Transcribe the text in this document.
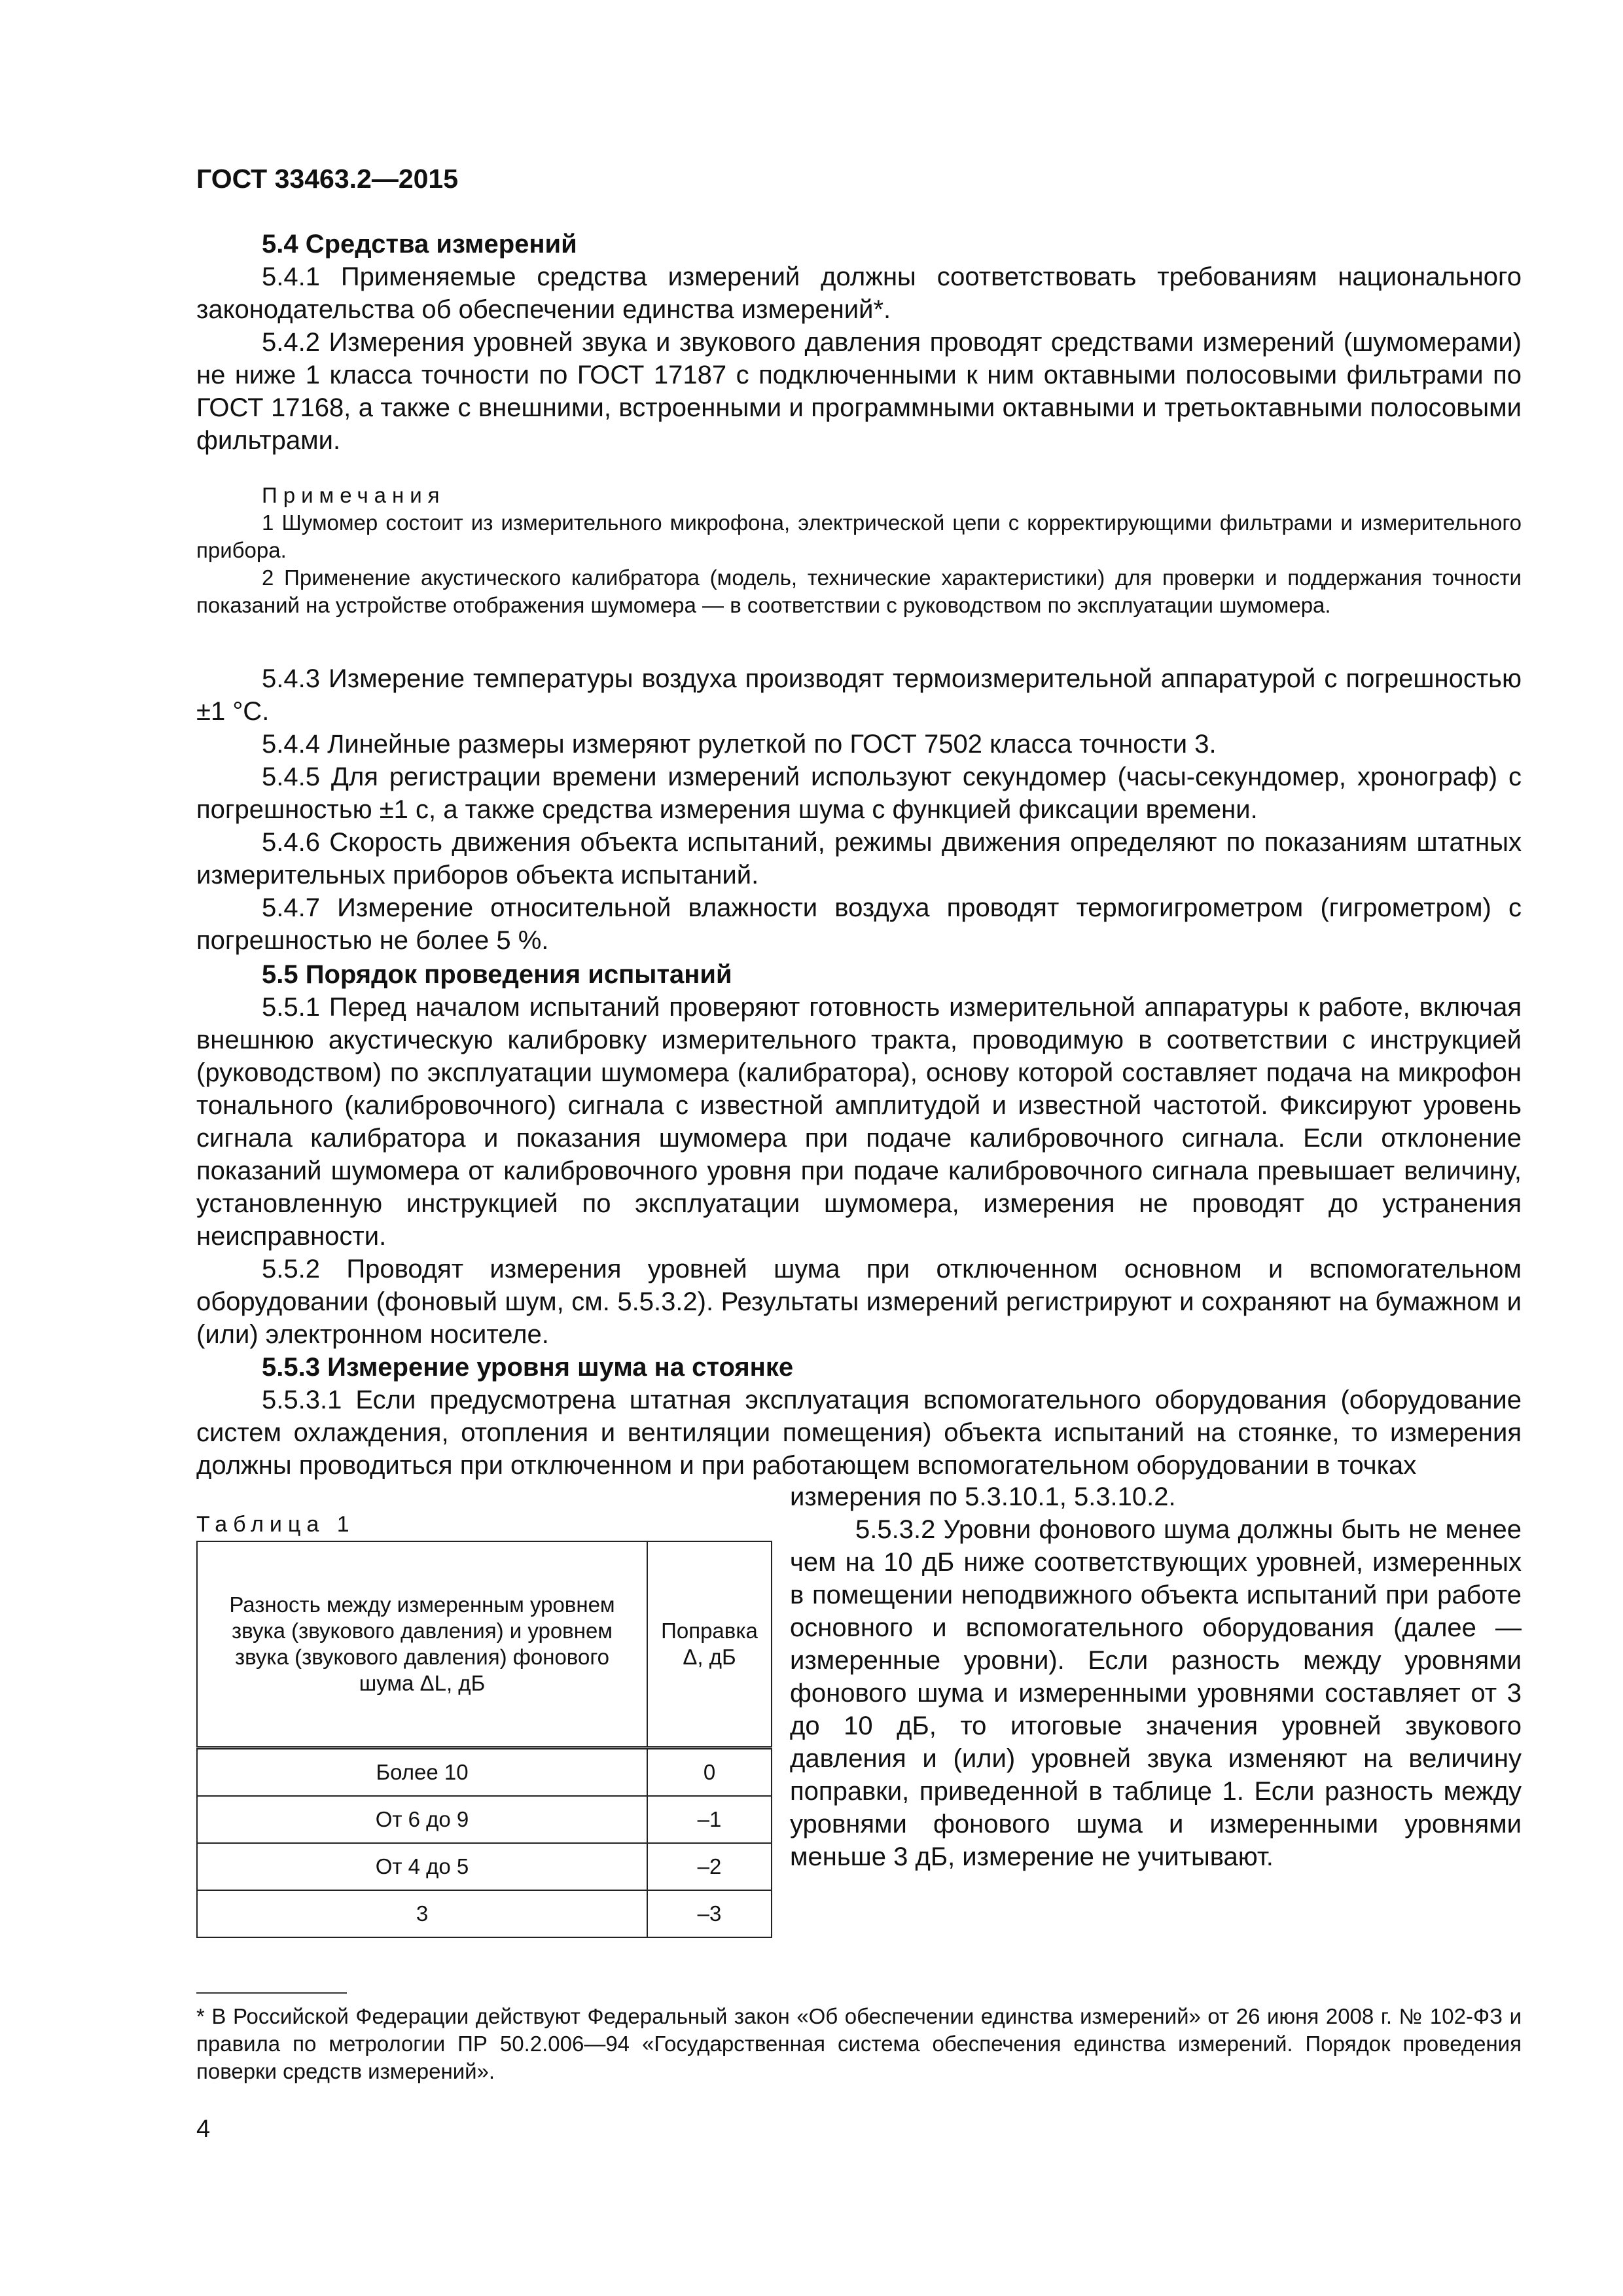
ГОСТ 33463.2—2015

5.4 Средства измерений

5.4.1 Применяемые средства измерений должны соответствовать требованиям национального законодательства об обеспечении единства измерений*.

5.4.2 Измерения уровней звука и звукового давления проводят средствами измерений (шумомерами) не ниже 1 класса точности по ГОСТ 17187 с подключенными к ним октавными полосовыми фильтрами по ГОСТ 17168, а также с внешними, встроенными и программными октавными и третьоктавными полосовыми фильтрами.

Примечания

1 Шумомер состоит из измерительного микрофона, электрической цепи с корректирующими фильтрами и измерительного прибора.

2 Применение акустического калибратора (модель, технические характеристики) для проверки и поддержания точности показаний на устройстве отображения шумомера — в соответствии с руководством по эксплуатации шумомера.

5.4.3 Измерение температуры воздуха производят термоизмерительной аппаратурой с погрешностью ±1 °С.

5.4.4 Линейные размеры измеряют рулеткой по ГОСТ 7502 класса точности 3.

5.4.5 Для регистрации времени измерений используют секундомер (часы-секундомер, хронограф) с погрешностью ±1 с, а также средства измерения шума с функцией фиксации времени.

5.4.6 Скорость движения объекта испытаний, режимы движения определяют по показаниям штатных измерительных приборов объекта испытаний.

5.4.7 Измерение относительной влажности воздуха проводят термогигрометром (гигрометром) с погрешностью не более 5 %.

5.5 Порядок проведения испытаний

5.5.1 Перед началом испытаний проверяют готовность измерительной аппаратуры к работе, включая внешнюю акустическую калибровку измерительного тракта, проводимую в соответствии с инструкцией (руководством) по эксплуатации шумомера (калибратора), основу которой составляет подача на микрофон тонального (калибровочного) сигнала с известной амплитудой и известной частотой. Фиксируют уровень сигнала калибратора и показания шумомера при подаче калибровочного сигнала. Если отклонение показаний шумомера от калибровочного уровня при подаче калибровочного сигнала превышает величину, установленную инструкцией по эксплуатации шумомера, измерения не проводят до устранения неисправности.

5.5.2 Проводят измерения уровней шума при отключенном основном и вспомогательном оборудовании (фоновый шум, см. 5.5.3.2). Результаты измерений регистрируют и сохраняют на бумажном и (или) электронном носителе.

5.5.3 Измерение уровня шума на стоянке

5.5.3.1 Если предусмотрена штатная эксплуатация вспомогательного оборудования (оборудование систем охлаждения, отопления и вентиляции помещения) объекта испытаний на стоянке, то измерения должны проводиться при отключенном и при работающем вспомогательном оборудовании в точках

измерения по 5.3.10.1, 5.3.10.2.

5.5.3.2 Уровни фонового шума должны быть не менее чем на 10 дБ ниже соответствующих уровней, измеренных в помещении неподвижного объекта испытаний при работе основного и вспомогательного оборудования (далее — измеренные уровни). Если разность между уровнями фонового шума и измеренными уровнями составляет от 3 до 10 дБ, то итоговые значения уровней звукового давления и (или) уровней звука изменяют на величину поправки, приведенной в таблице 1. Если разность между уровнями фонового шума и измеренными уровнями меньше 3 дБ, измерение не учитывают.

Таблица 1
Разность между измеренным уровнем звука (звукового давления) и уровнем звука (звукового давления) фонового шума ΔL, дБ	Поправка Δ, дБ
Более 10	0
От 6 до 9	–1
От 4 до 5	–2
3	–3
* В Российской Федерации действуют Федеральный закон «Об обеспечении единства измерений» от 26 июня 2008 г. № 102-ФЗ и правила по метрологии ПР 50.2.006—94 «Государственная система обеспечения единства измерений. Порядок проведения поверки средств измерений».
4
